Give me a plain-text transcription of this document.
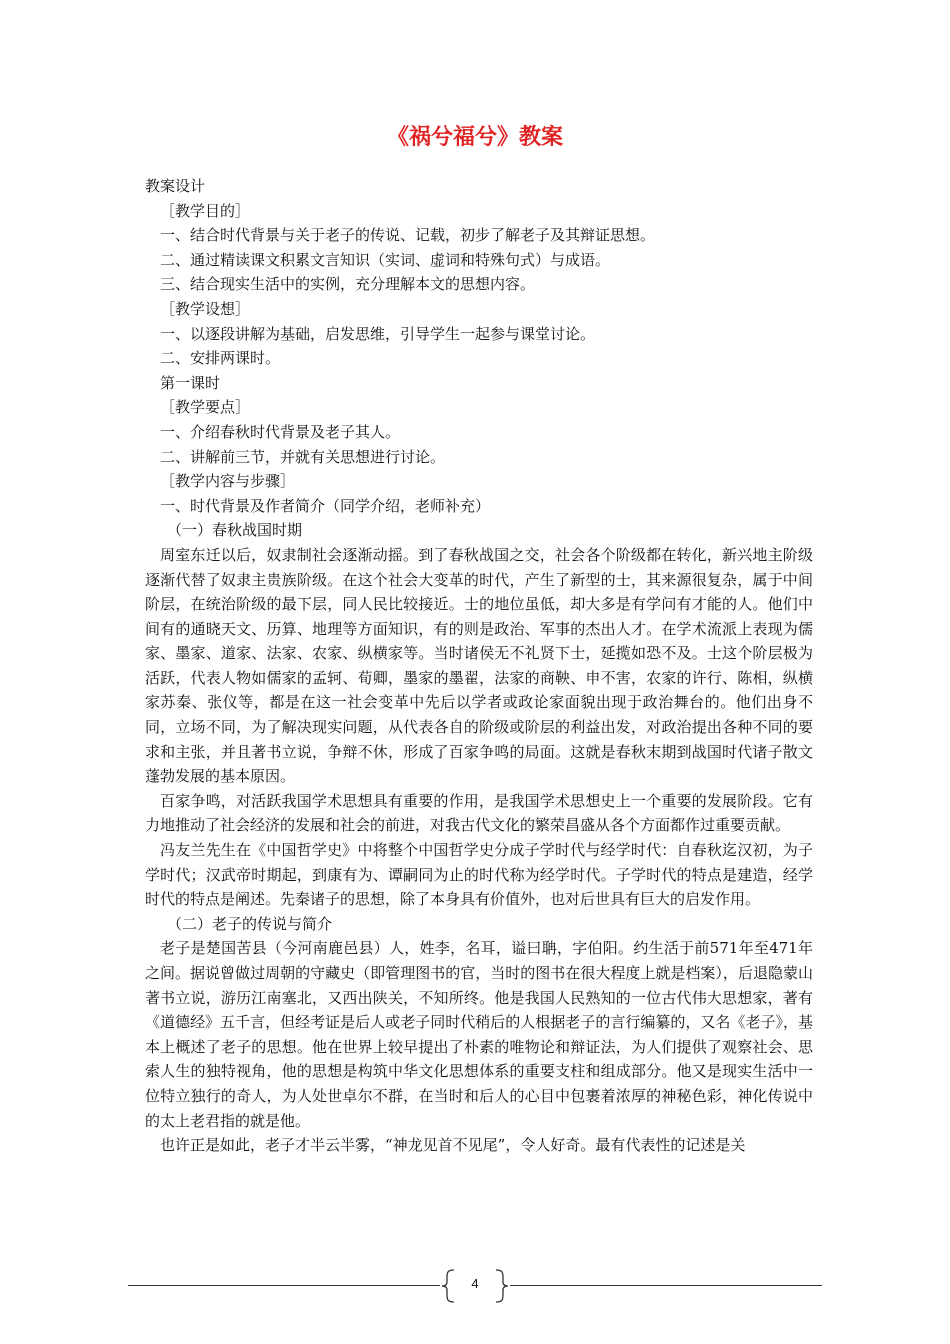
《祸兮福兮》教案
教案设计
［教学目的］
一、结合时代背景与关于老子的传说、记载，初步了解老子及其辩证思想。
二、通过精读课文积累文言知识（实词、虚词和特殊句式）与成语。
三、结合现实生活中的实例，充分理解本文的思想内容。
［教学设想］
一、以逐段讲解为基础，启发思维，引导学生一起参与课堂讨论。
二、安排两课时。
第一课时
［教学要点］
一、介绍春秋时代背景及老子其人。
二、讲解前三节，并就有关思想进行讨论。
［教学内容与步骤］
一、时代背景及作者简介（同学介绍，老师补充）
（一）春秋战国时期
周室东迁以后，奴隶制社会逐渐动摇。到了春秋战国之交，社会各个阶级都在转化，新兴地主阶级逐渐代替了奴隶主贵族阶级。在这个社会大变革的时代，产生了新型的士，其来源很复杂，属于中间阶层，在统治阶级的最下层，同人民比较接近。士的地位虽低，却大多是有学问有才能的人。他们中间有的通晓天文、历算、地理等方面知识，有的则是政治、军事的杰出人才。在学术流派上表现为儒家、墨家、道家、法家、农家、纵横家等。当时诸侯无不礼贤下士，延揽如恐不及。士这个阶层极为活跃，代表人物如儒家的孟轲、荀卿，墨家的墨翟，法家的商鞅、申不害，农家的许行、陈相，纵横家苏秦、张仪等，都是在这一社会变革中先后以学者或政论家面貌出现于政治舞台的。他们出身不同，立场不同，为了解决现实问题，从代表各自的阶级或阶层的利益出发，对政治提出各种不同的要求和主张，并且著书立说，争辩不休，形成了百家争鸣的局面。这就是春秋末期到战国时代诸子散文蓬勃发展的基本原因。
百家争鸣，对活跃我国学术思想具有重要的作用，是我国学术思想史上一个重要的发展阶段。它有力地推动了社会经济的发展和社会的前进，对我古代文化的繁荣昌盛从各个方面都作过重要贡献。
冯友兰先生在《中国哲学史》中将整个中国哲学史分成子学时代与经学时代：自春秋迄汉初，为子学时代；汉武帝时期起，到康有为、谭嗣同为止的时代称为经学时代。子学时代的特点是建造，经学时代的特点是阐述。先秦诸子的思想，除了本身具有价值外，也对后世具有巨大的启发作用。
（二）老子的传说与简介
老子是楚国苦县（今河南鹿邑县）人，姓李，名耳，谥曰聃，字伯阳。约生活于前571年至471年之间。据说曾做过周朝的守藏史（即管理图书的官，当时的图书在很大程度上就是档案），后退隐蒙山著书立说，游历江南塞北，又西出陕关，不知所终。他是我国人民熟知的一位古代伟大思想家，著有《道德经》五千言，但经考证是后人或老子同时代稍后的人根据老子的言行编纂的，又名《老子》，基本上概述了老子的思想。他在世界上较早提出了朴素的唯物论和辩证法，为人们提供了观察社会、思索人生的独特视角，他的思想是构筑中华文化思想体系的重要支柱和组成部分。他又是现实生活中一位特立独行的奇人，为人处世卓尔不群，在当时和后人的心目中包裹着浓厚的神秘色彩，神化传说中的太上老君指的就是他。
也许正是如此，老子才半云半雾，“神龙见首不见尾”，令人好奇。最有代表性的记述是关
4
